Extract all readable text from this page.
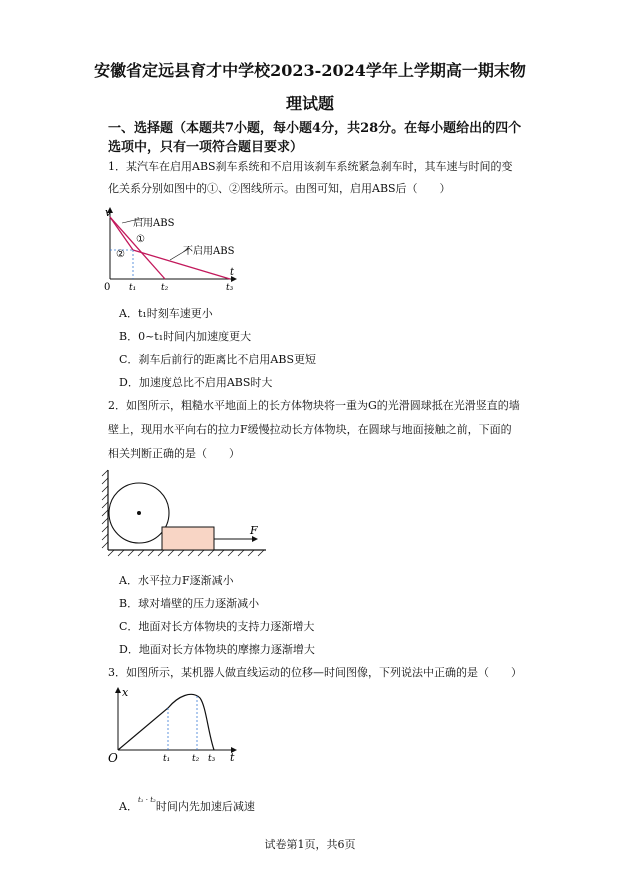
安徽省定远县育才中学校2023-2024学年上学期高一期末物
理试题
一、选择题（本题共7小题，每小题4分，共28分。在每小题给出的四个
选项中，只有一项符合题目要求）
1．某汽车在启用ABS刹车系统和不启用该刹车系统紧急刹车时，其车速与时间的变
化关系分别如图中的①、②图线所示。由图可知，启用ABS后（　　）
v
0
t
t₁	t₂	t₃
启用ABS
不启用ABS
①
②
A．t₁时刻车速更小
B．0~t₁时间内加速度更大
C．刹车后前行的距离比不启用ABS更短
D．加速度总比不启用ABS时大
2．如图所示，粗糙水平地面上的长方体物块将一重为G的光滑圆球抵在光滑竖直的墙
壁上，现用水平向右的拉力F缓慢拉动长方体物块，在圆球与地面接触之前，下面的
相关判断正确的是（　　）
F
A．水平拉力F逐渐减小
B．球对墙壁的压力逐渐减小
C．地面对长方体物块的支持力逐渐增大
D．地面对长方体物块的摩擦力逐渐增大
3．如图所示，某机器人做直线运动的位移—时间图像，下列说法中正确的是（　　）
x
O	t₁ t₂ t₃ t
A．$^{t_1 \cdot t_2}$时间内先加速后减速
试卷第1页，共6页
